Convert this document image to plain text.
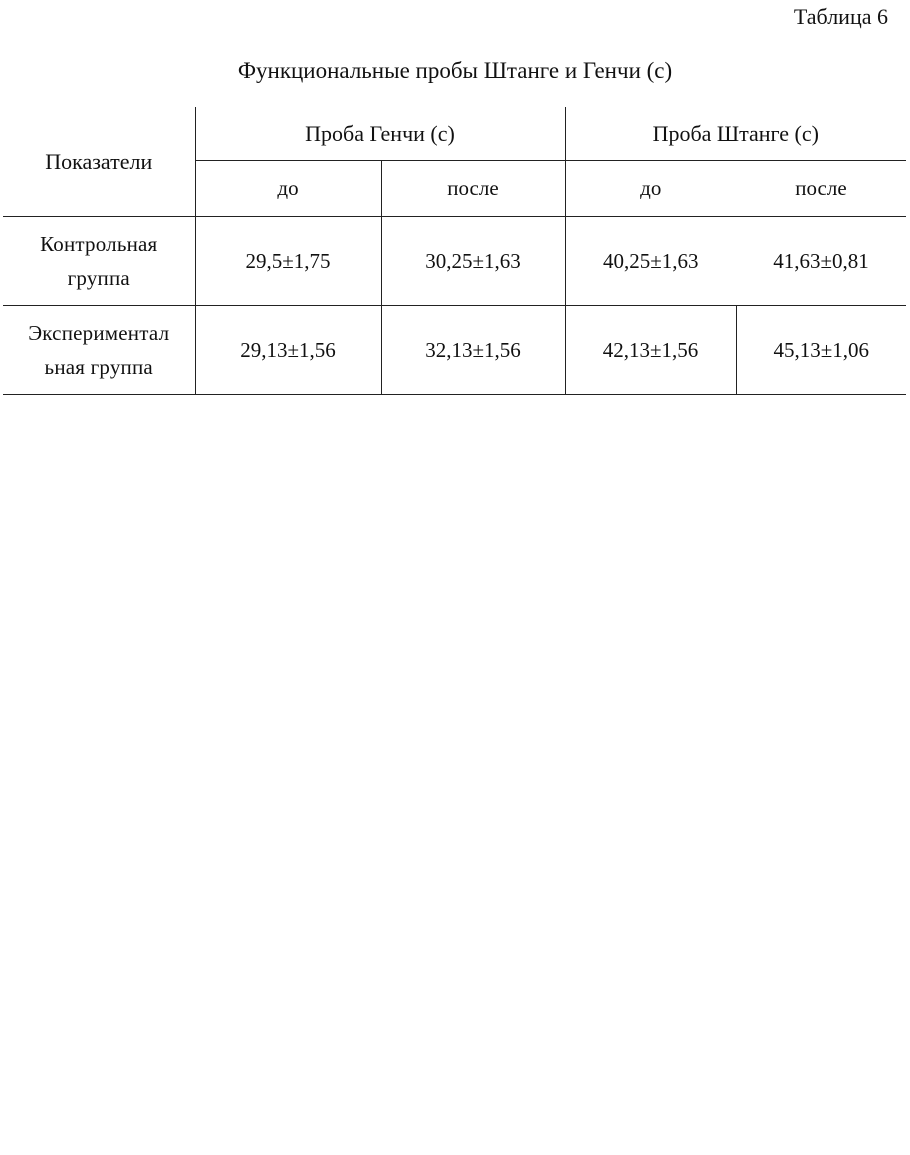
Таблица 6
Функциональные пробы Штанге и Генчи (с)
Показатели	Проба Генчи (с)		Проба Штанге (с)	
	до	после	до	после

Контрольная
группа	29,5±1,75	30,25±1,63	40,25±1,63	41,63±0,81

Экспериментал
ьная группа	29,13±1,56	32,13±1,56	42,13±1,56	45,13±1,06
